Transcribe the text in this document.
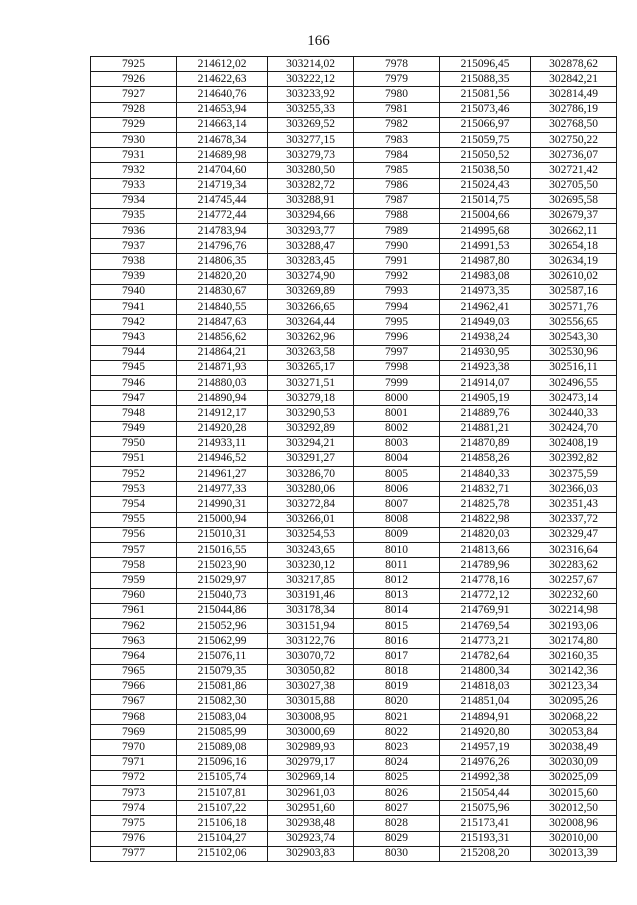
166
7925	214612,02	303214,02	7978	215096,45	302878,62
7926	214622,63	303222,12	7979	215088,35	302842,21
7927	214640,76	303233,92	7980	215081,56	302814,49
7928	214653,94	303255,33	7981	215073,46	302786,19
7929	214663,14	303269,52	7982	215066,97	302768,50
7930	214678,34	303277,15	7983	215059,75	302750,22
7931	214689,98	303279,73	7984	215050,52	302736,07
7932	214704,60	303280,50	7985	215038,50	302721,42
7933	214719,34	303282,72	7986	215024,43	302705,50
7934	214745,44	303288,91	7987	215014,75	302695,58
7935	214772,44	303294,66	7988	215004,66	302679,37
7936	214783,94	303293,77	7989	214995,68	302662,11
7937	214796,76	303288,47	7990	214991,53	302654,18
7938	214806,35	303283,45	7991	214987,80	302634,19
7939	214820,20	303274,90	7992	214983,08	302610,02
7940	214830,67	303269,89	7993	214973,35	302587,16
7941	214840,55	303266,65	7994	214962,41	302571,76
7942	214847,63	303264,44	7995	214949,03	302556,65
7943	214856,62	303262,96	7996	214938,24	302543,30
7944	214864,21	303263,58	7997	214930,95	302530,96
7945	214871,93	303265,17	7998	214923,38	302516,11
7946	214880,03	303271,51	7999	214914,07	302496,55
7947	214890,94	303279,18	8000	214905,19	302473,14
7948	214912,17	303290,53	8001	214889,76	302440,33
7949	214920,28	303292,89	8002	214881,21	302424,70
7950	214933,11	303294,21	8003	214870,89	302408,19
7951	214946,52	303291,27	8004	214858,26	302392,82
7952	214961,27	303286,70	8005	214840,33	302375,59
7953	214977,33	303280,06	8006	214832,71	302366,03
7954	214990,31	303272,84	8007	214825,78	302351,43
7955	215000,94	303266,01	8008	214822,98	302337,72
7956	215010,31	303254,53	8009	214820,03	302329,47
7957	215016,55	303243,65	8010	214813,66	302316,64
7958	215023,90	303230,12	8011	214789,96	302283,62
7959	215029,97	303217,85	8012	214778,16	302257,67
7960	215040,73	303191,46	8013	214772,12	302232,60
7961	215044,86	303178,34	8014	214769,91	302214,98
7962	215052,96	303151,94	8015	214769,54	302193,06
7963	215062,99	303122,76	8016	214773,21	302174,80
7964	215076,11	303070,72	8017	214782,64	302160,35
7965	215079,35	303050,82	8018	214800,34	302142,36
7966	215081,86	303027,38	8019	214818,03	302123,34
7967	215082,30	303015,88	8020	214851,04	302095,26
7968	215083,04	303008,95	8021	214894,91	302068,22
7969	215085,99	303000,69	8022	214920,80	302053,84
7970	215089,08	302989,93	8023	214957,19	302038,49
7971	215096,16	302979,17	8024	214976,26	302030,09
7972	215105,74	302969,14	8025	214992,38	302025,09
7973	215107,81	302961,03	8026	215054,44	302015,60
7974	215107,22	302951,60	8027	215075,96	302012,50
7975	215106,18	302938,48	8028	215173,41	302008,96
7976	215104,27	302923,74	8029	215193,31	302010,00
7977	215102,06	302903,83	8030	215208,20	302013,39
